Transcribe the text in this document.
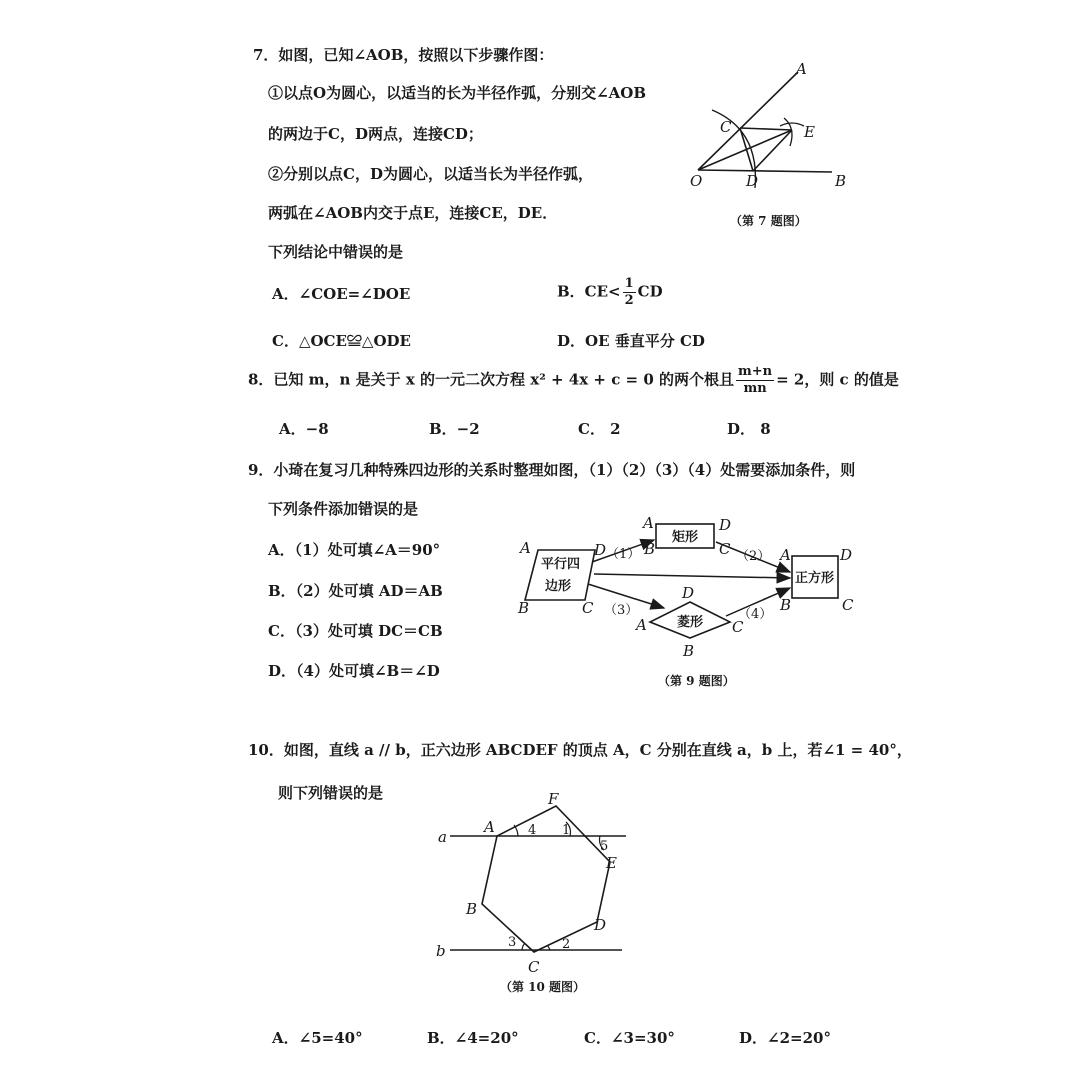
7．如图，已知∠AOB，按照以下步骤作图：
①以点O为圆心，以适当的长为半径作弧，分别交∠AOB
的两边于C，D两点，连接CD；
②分别以点C，D为圆心，以适当长为半径作弧，
两弧在∠AOB内交于点E，连接CE，DE．
下列结论中错误的是
A．∠COE=∠DOE	B．$CE< \frac{1}{2}$ CD
C．△OCE≌△ODE	D．OE 垂直平分 CD
A
C	E
O	D	B
（第 7 题图）
8．已知 m，n 是关于 x 的一元二次方程 x² + 4x + c = 0 的两个根且 $\frac{m+n}{mn} = 2$，则 c 的值是
A．−8	B．−2	C． 2	D． 8
9．小琦在复习几种特殊四边形的关系时整理如图，（1）（2）（3）（4）处需要添加条件，则
下列条件添加错误的是
A．（1）处可填∠A＝90°
B．（2）处可填 AD＝AB
C．（3）处可填 DC＝CB
D．（4）处可填∠B＝∠D
平行四
边形
A	D
B	C
矩形
A	D
B	C
正方形
A	D
B	C
菱形
D
A	C
B
（1）	（2）
（3）	（4）
（第 9 题图）
10．如图，直线 a // b，正六边形 ABCDEF 的顶点 A，C 分别在直线 a，b 上，若∠1 = 40°，
则下列错误的是
a
b
F
A
E
B
D
C
4 1
5
3	2
（第 10 题图）
A．∠5=40°	B．∠4=20°	C．∠3=30°	D．∠2=20°
